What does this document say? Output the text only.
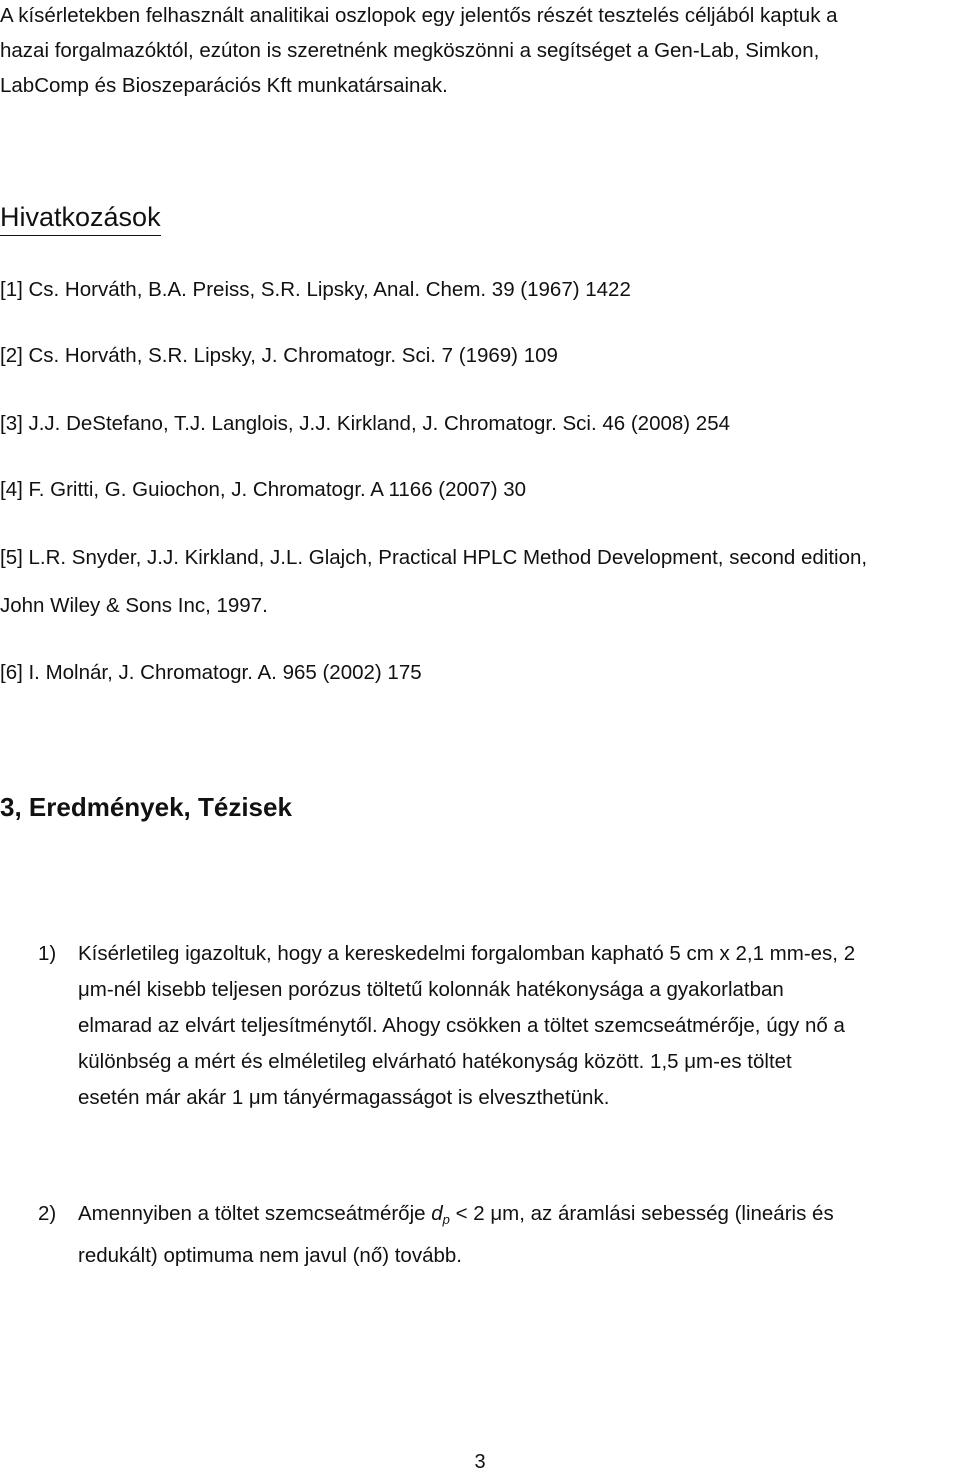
A kísérletekben felhasznált analitikai oszlopok egy jelentős részét tesztelés céljából kaptuk a
hazai forgalmazóktól, ezúton is szeretnénk megköszönni a segítséget a Gen-Lab, Simkon,
LabComp és Bioszeparációs Kft munkatársainak.
Hivatkozások
[1] Cs. Horváth, B.A. Preiss, S.R. Lipsky, Anal. Chem. 39 (1967) 1422
[2] Cs. Horváth, S.R. Lipsky, J. Chromatogr. Sci. 7 (1969) 109
[3] J.J. DeStefano, T.J. Langlois, J.J. Kirkland, J. Chromatogr. Sci. 46 (2008) 254
[4] F. Gritti, G. Guiochon, J. Chromatogr. A 1166 (2007) 30
[5] L.R. Snyder, J.J. Kirkland, J.L. Glajch, Practical HPLC Method Development, second edition,
John Wiley & Sons Inc, 1997.
[6] I. Molnár, J. Chromatogr. A. 965 (2002) 175
3, Eredmények, Tézisek
1) Kísérletileg igazoltuk, hogy a kereskedelmi forgalomban kapható 5 cm x 2,1 mm-es, 2
μm-nél kisebb teljesen porózus töltetű kolonnák hatékonysága a gyakorlatban
elmarad az elvárt teljesítménytől. Ahogy csökken a töltet szemcseátmérője, úgy nő a
különbség a mért és elméletileg elvárható hatékonyság között. 1,5 μm-es töltet
esetén már akár 1 μm tányérmagasságot is elveszthetünk.
2) Amennyiben a töltet szemcseátmérője $d_p < 2$ μm, az áramlási sebesség (lineáris és
redukált) optimuma nem javul (nő) tovább.
3
